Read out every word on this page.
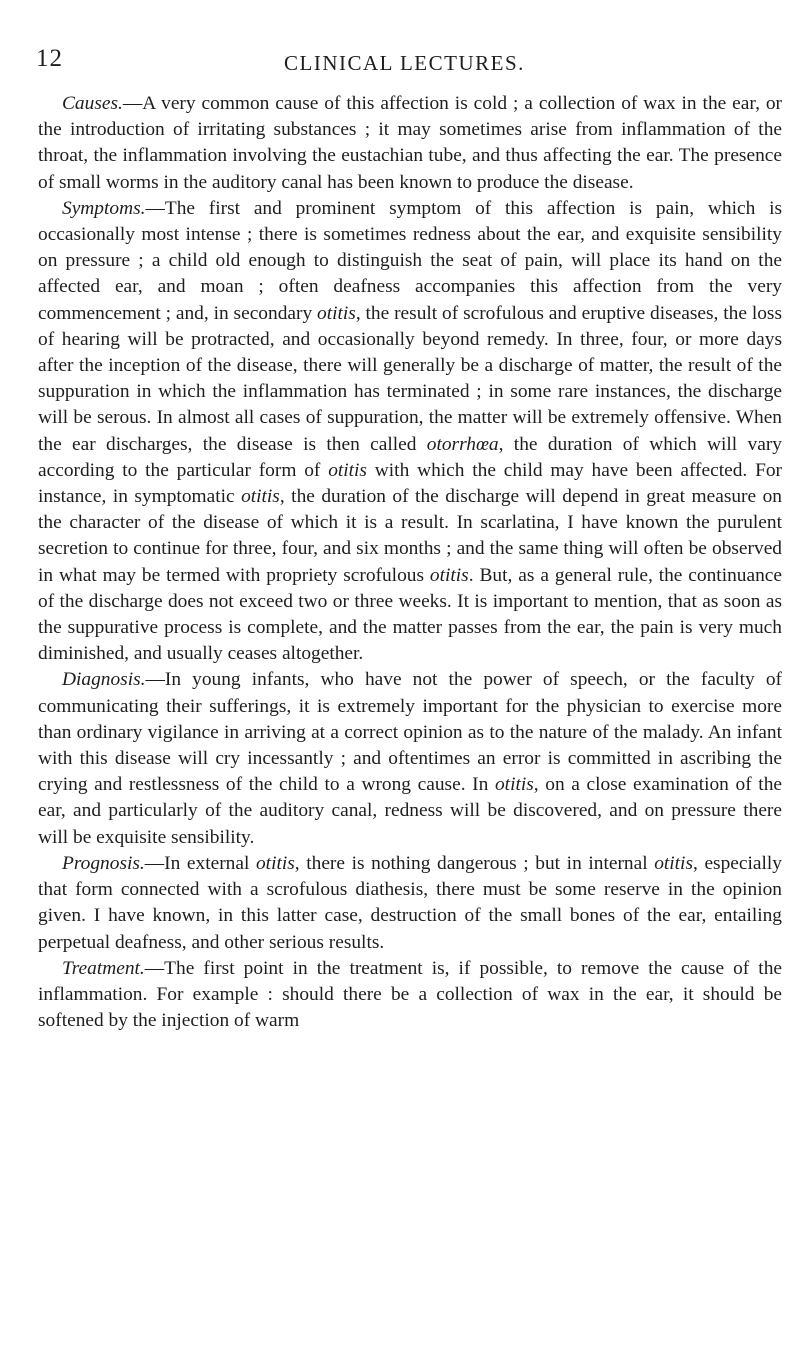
12	CLINICAL LECTURES.

Causes.—A very common cause of this affection is cold ; a collection of wax in the ear, or the introduction of irritating substances ; it may sometimes arise from inflammation of the throat, the inflammation involving the eustachian tube, and thus affecting the ear. The presence of small worms in the auditory canal has been known to produce the disease.

Symptoms.—The first and prominent symptom of this affection is pain, which is occasionally most intense ; there is sometimes redness about the ear, and exquisite sensibility on pressure ; a child old enough to distinguish the seat of pain, will place its hand on the affected ear, and moan ; often deafness accompanies this affection from the very commencement ; and, in secondary otitis, the result of scrofulous and eruptive diseases, the loss of hearing will be protracted, and occasionally beyond remedy. In three, four, or more days after the inception of the disease, there will generally be a discharge of matter, the result of the suppuration in which the inflammation has terminated ; in some rare instances, the discharge will be serous. In almost all cases of suppuration, the matter will be extremely offensive. When the ear discharges, the disease is then called otorrhœa, the duration of which will vary according to the particular form of otitis with which the child may have been affected. For instance, in symptomatic otitis, the duration of the discharge will depend in great measure on the character of the disease of which it is a result. In scarlatina, I have known the purulent secretion to continue for three, four, and six months ; and the same thing will often be observed in what may be termed with propriety scrofulous otitis. But, as a general rule, the continuance of the discharge does not exceed two or three weeks. It is important to mention, that as soon as the suppurative process is complete, and the matter passes from the ear, the pain is very much diminished, and usually ceases altogether.

Diagnosis.—In young infants, who have not the power of speech, or the faculty of communicating their sufferings, it is extremely important for the physician to exercise more than ordinary vigilance in arriving at a correct opinion as to the nature of the malady. An infant with this disease will cry incessantly ; and oftentimes an error is committed in ascribing the crying and restlessness of the child to a wrong cause. In otitis, on a close examination of the ear, and particularly of the auditory canal, redness will be discovered, and on pressure there will be exquisite sensibility.

Prognosis.—In external otitis, there is nothing dangerous ; but in internal otitis, especially that form connected with a scrofulous diathesis, there must be some reserve in the opinion given. I have known, in this latter case, destruction of the small bones of the ear, entailing perpetual deafness, and other serious results.

Treatment.—The first point in the treatment is, if possible, to remove the cause of the inflammation. For example : should there be a collection of wax in the ear, it should be softened by the injection of warm
